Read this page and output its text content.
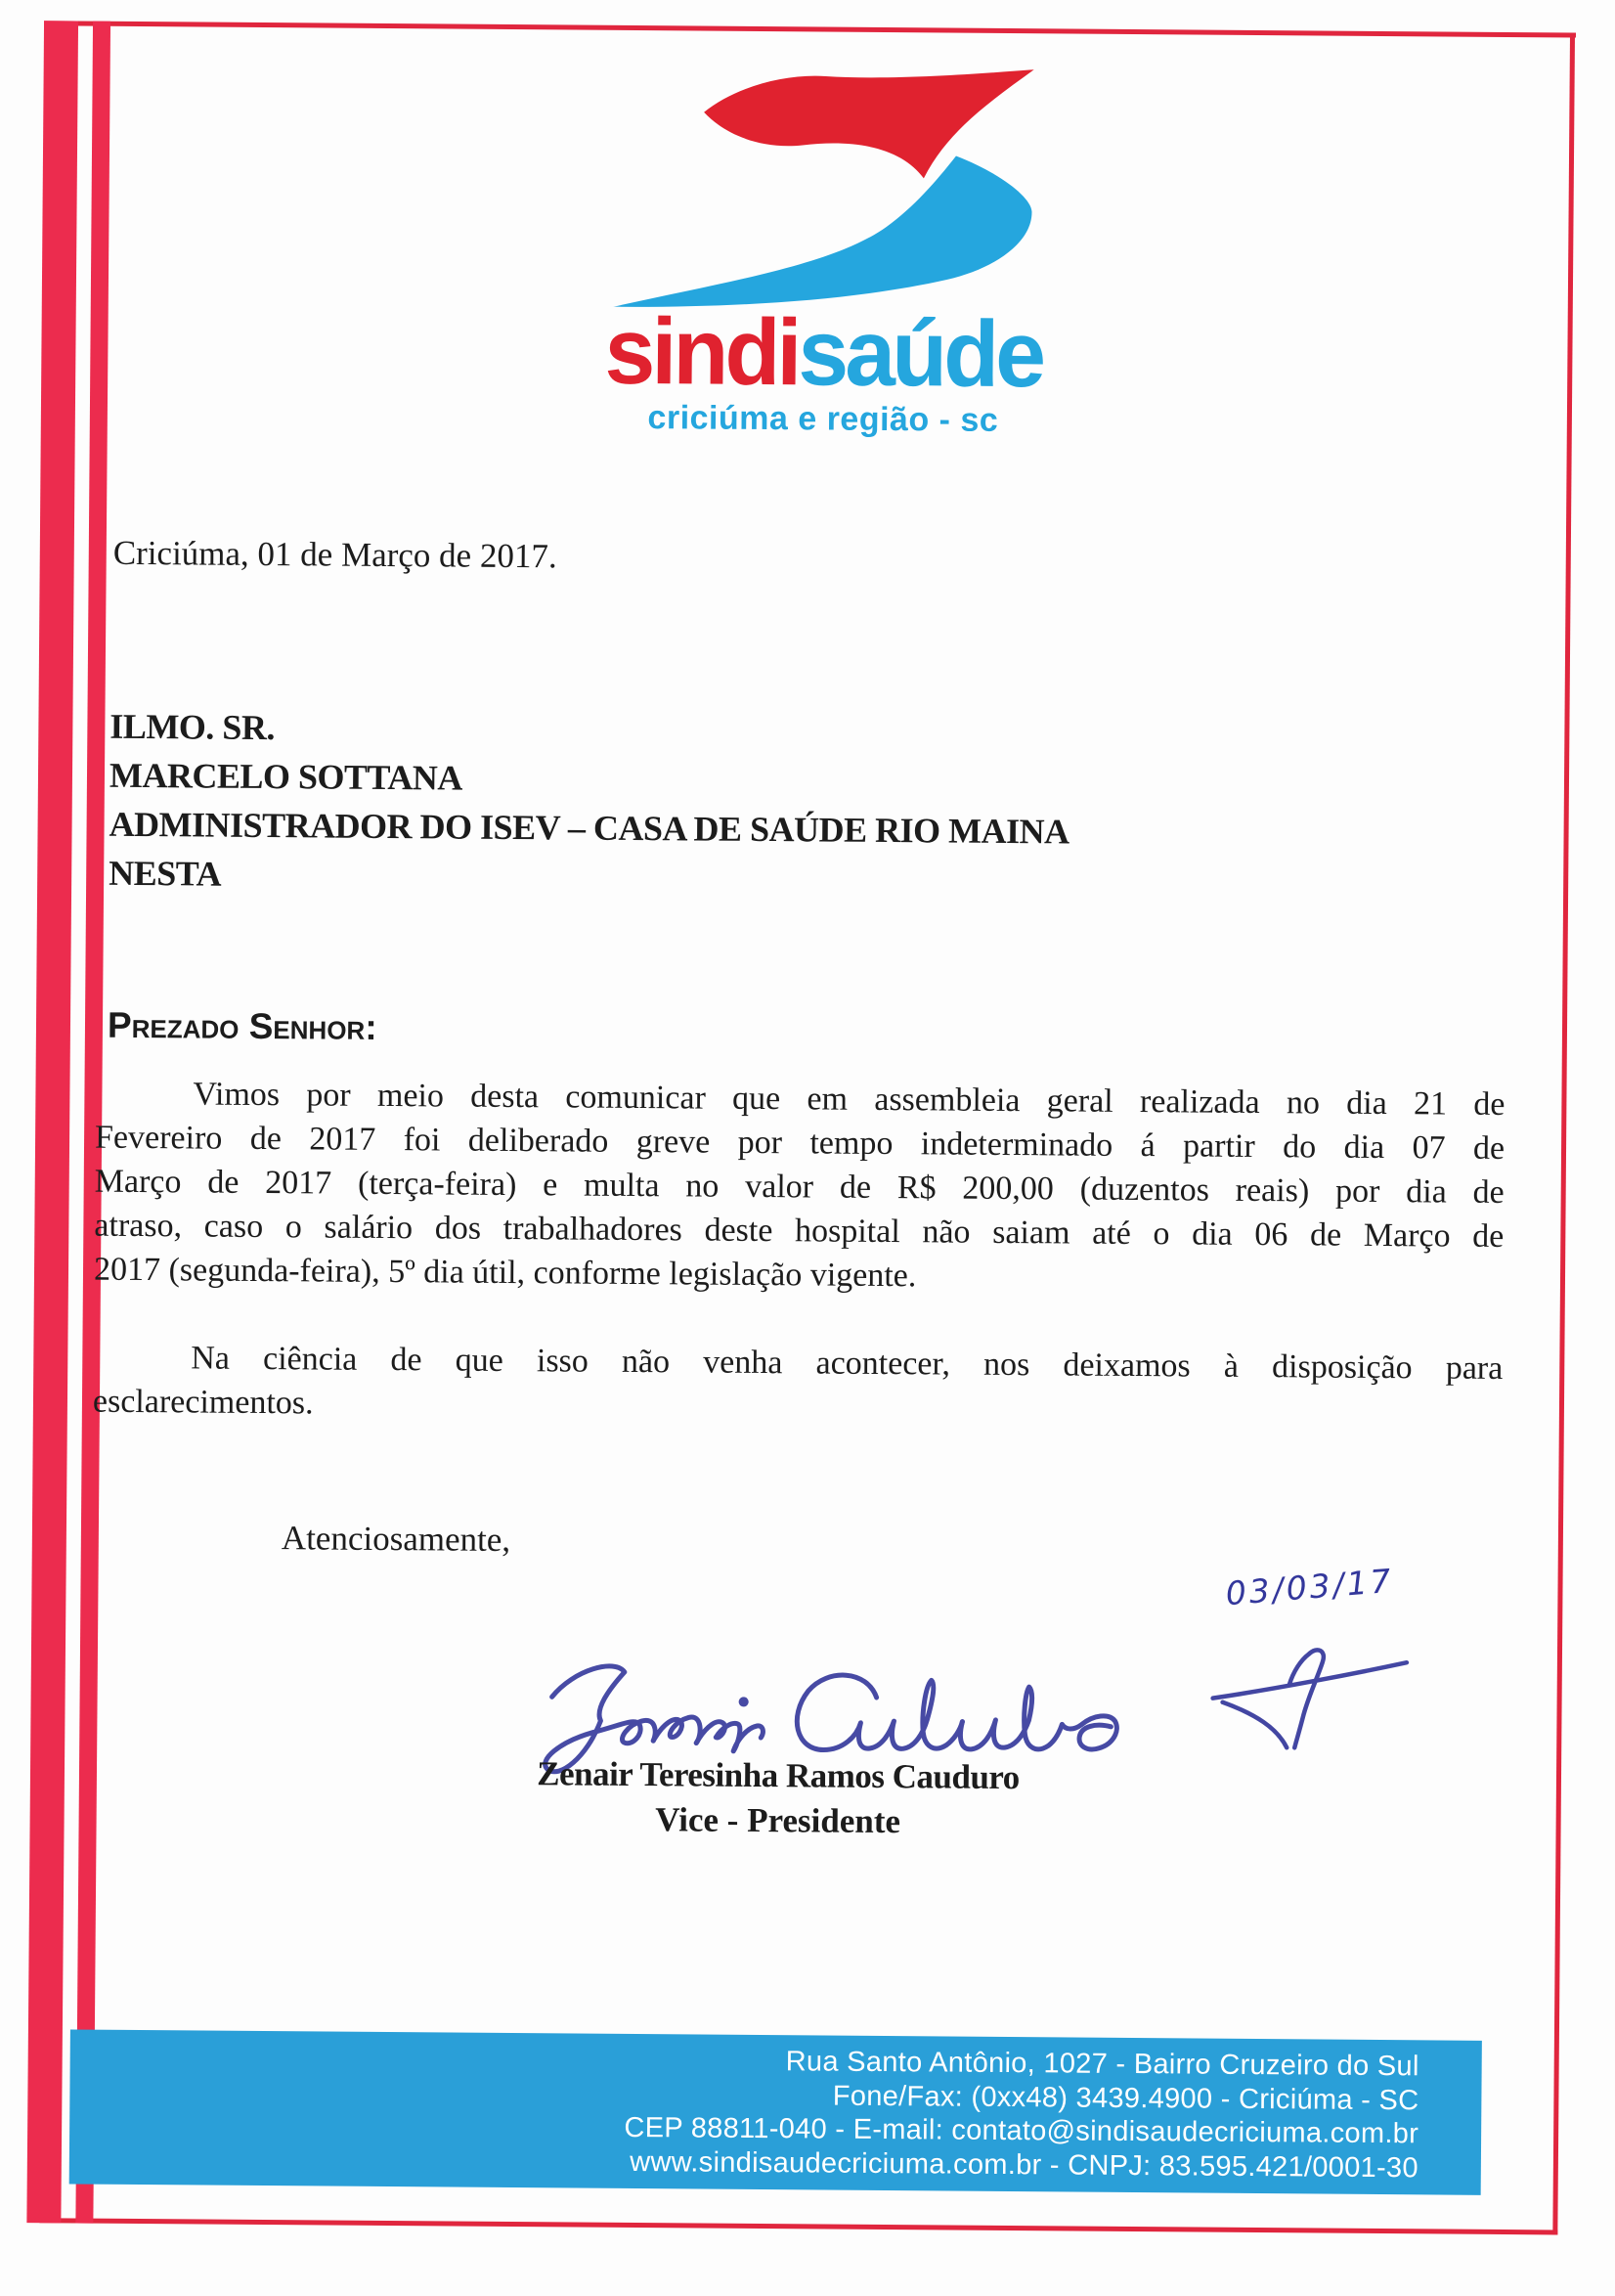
sindisaúde
criciúma e região - sc
Criciúma, 01 de Março de 2017.
ILMO. SR.
MARCELO SOTTANA
ADMINISTRADOR DO ISEV – CASA DE SAÚDE RIO MAINA
NESTA
Prezado Senhor:
Vimos por meio desta comunicar que em assembleia geral realizada no dia 21 de
Fevereiro de 2017 foi deliberado greve por tempo indeterminado á partir do dia 07 de
Março de 2017 (terça-feira) e multa no valor de R$ 200,00 (duzentos reais) por dia de
atraso, caso o salário dos trabalhadores deste hospital não saiam até o dia 06 de Março de
2017 (segunda-feira), 5º dia útil, conforme legislação vigente.
Na ciência de que isso não venha acontecer, nos deixamos à disposição para
esclarecimentos.
Atenciosamente,
03/03/17
Zenair Teresinha Ramos Cauduro
Vice - Presidente
Rua Santo Antônio, 1027 - Bairro Cruzeiro do Sul
Fone/Fax: (0xx48) 3439.4900 - Criciúma - SC
CEP 88811-040 - E-mail: contato@sindisaudecriciuma.com.br
www.sindisaudecriciuma.com.br - CNPJ: 83.595.421/0001-30
